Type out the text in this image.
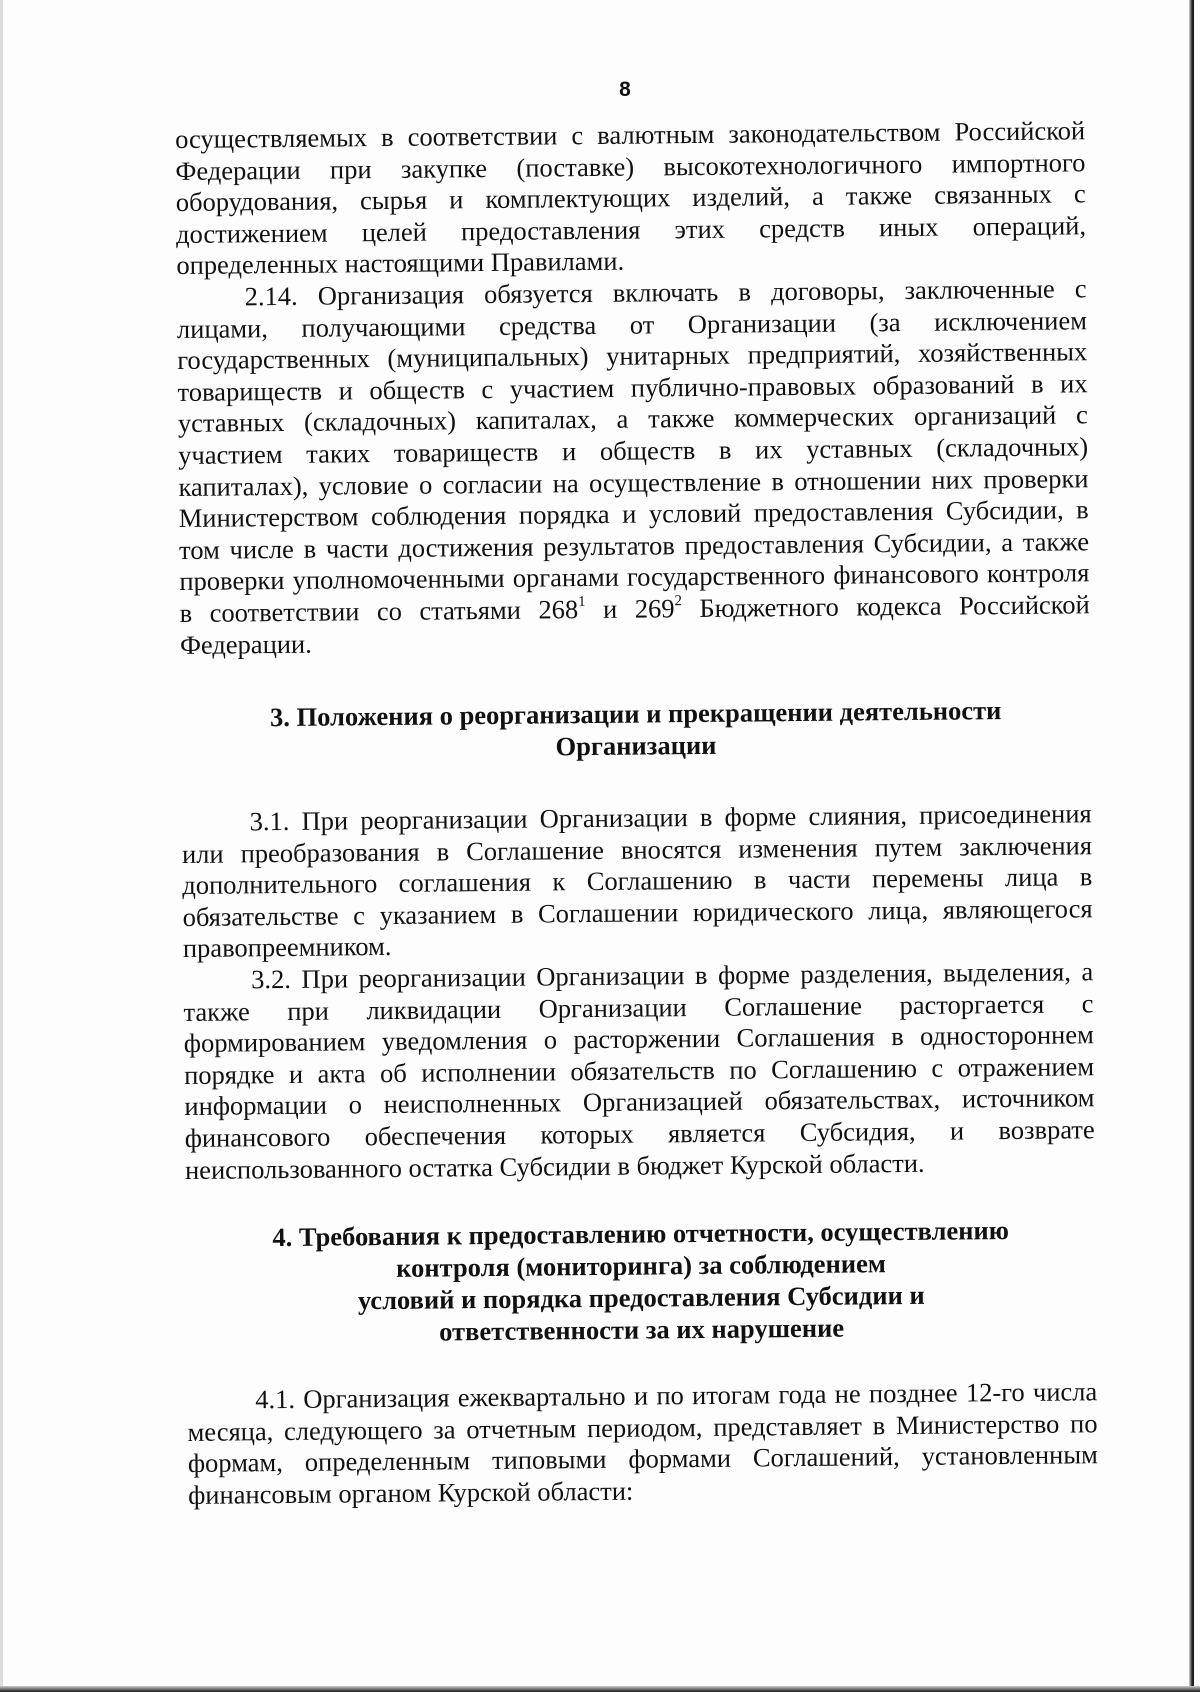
8

осуществляемых в соответствии с валютным законодательством Российской Федерации при закупке (поставке) высокотехнологичного импортного оборудования, сырья и комплектующих изделий, а также связанных с достижением целей предоставления этих средств иных операций, определенных настоящими Правилами.

2.14. Организация обязуется включать в договоры, заключенные с лицами, получающими средства от Организации (за исключением государственных (муниципальных) унитарных предприятий, хозяйственных товариществ и обществ с участием публично-правовых образований в их уставных (складочных) капиталах, а также коммерческих организаций с участием таких товариществ и обществ в их уставных (складочных) капиталах), условие о согласии на осуществление в отношении них проверки Министерством соблюдения порядка и условий предоставления Субсидии, в том числе в части достижения результатов предоставления Субсидии, а также проверки уполномоченными органами государственного финансового контроля в соответствии со статьями $268^1$ и $269^2$ Бюджетного кодекса Российской Федерации.

3. Положения о реорганизации и прекращении деятельности
Организации

3.1. При реорганизации Организации в форме слияния, присоединения или преобразования в Соглашение вносятся изменения путем заключения дополнительного соглашения к Соглашению в части перемены лица в обязательстве с указанием в Соглашении юридического лица, являющегося правопреемником.

3.2. При реорганизации Организации в форме разделения, выделения, а также при ликвидации Организации Соглашение расторгается с формированием уведомления о расторжении Соглашения в одностороннем порядке и акта об исполнении обязательств по Соглашению с отражением информации о неисполненных Организацией обязательствах, источником финансового обеспечения которых является Субсидия, и возврате неиспользованного остатка Субсидии в бюджет Курской области.

4. Требования к предоставлению отчетности, осуществлению
контроля (мониторинга) за соблюдением
условий и порядка предоставления Субсидии и
ответственности за их нарушение

4.1. Организация ежеквартально и по итогам года не позднее 12-го числа месяца, следующего за отчетным периодом, представляет в Министерство по формам, определенным типовыми формами Соглашений, установленным финансовым органом Курской области:
